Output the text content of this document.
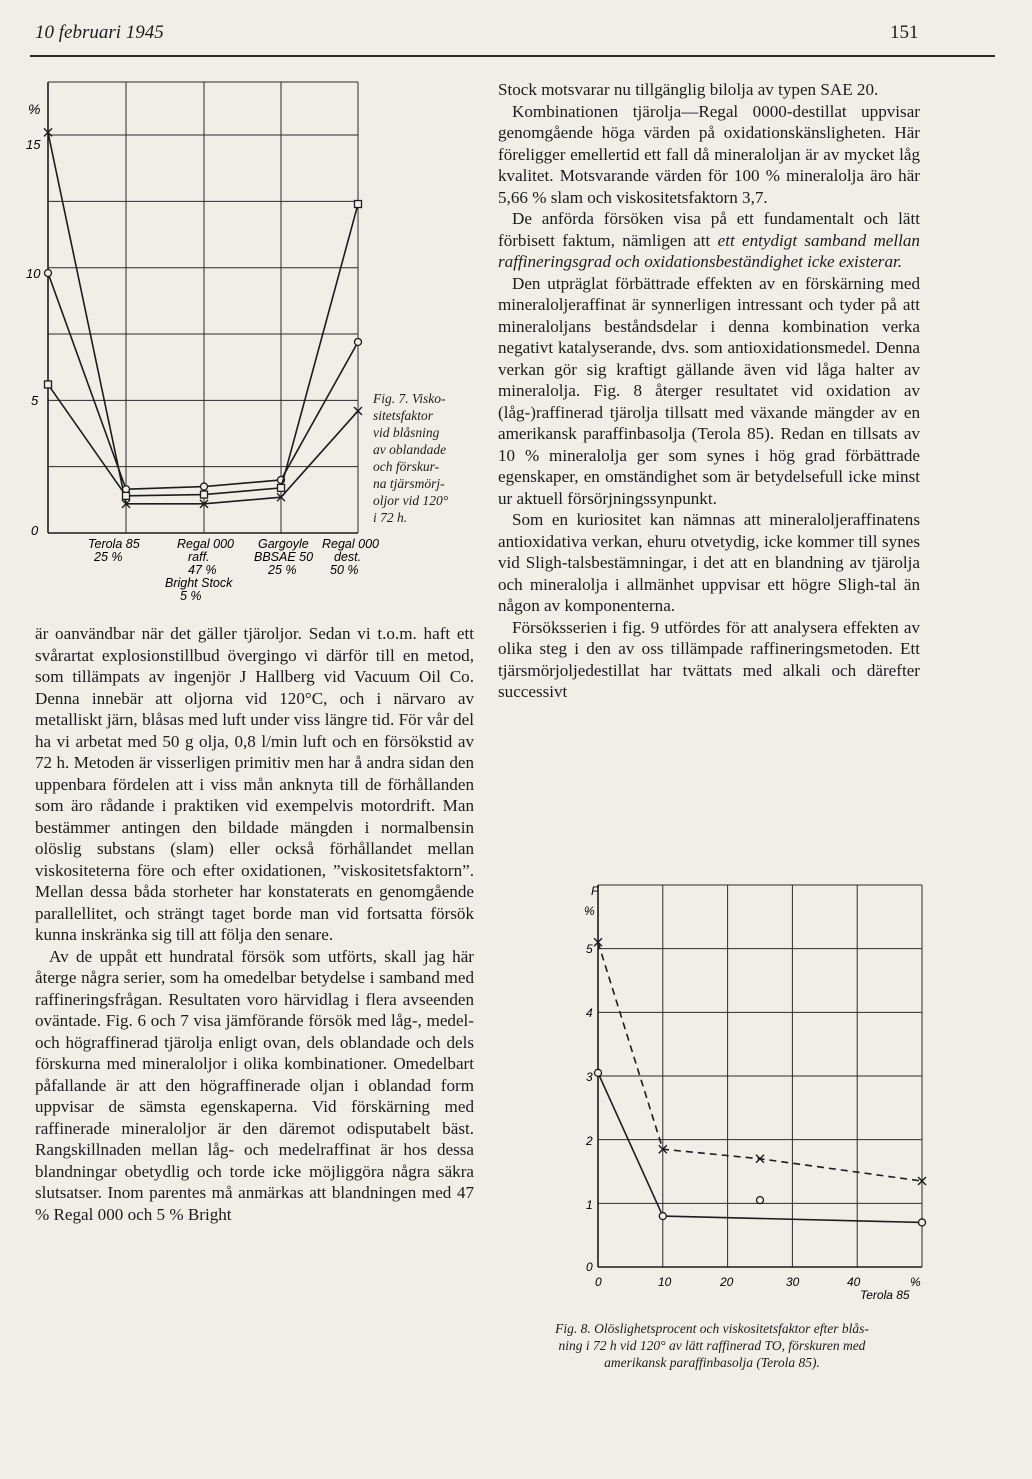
10 februari 1945	151
%
15
10
5
0
Terola 85
25 %
Regal 000
raff.
47 %
Bright Stock
5 %
Gargoyle
BBSAE 50
25 %
Regal 000
dest.
50 %
Fig. 7. Visko-
sitetsfaktor
vid blåsning
av oblandade
och förskur-
na tjärsmörj-
oljor vid 120°
i 72 h.

är oanvändbar när det gäller tjäroljor. Sedan vi t.o.m. haft ett svårartat explosionstillbud övergingo vi därför till en metod, som tillämpats av ingenjör J Hallberg vid Vacuum Oil Co. Denna innebär att oljorna vid 120°C, och i närvaro av metalliskt järn, blåsas med luft under viss längre tid. För vår del ha vi arbetat med 50 g olja, 0,8 l/min luft och en försökstid av 72 h. Metoden är visserligen primitiv men har å andra sidan den uppenbara fördelen att i viss mån anknyta till de förhållanden som äro rådande i praktiken vid exempelvis motordrift. Man bestämmer antingen den bildade mängden i normalbensin olöslig substans (slam) eller också förhållandet mellan viskositeterna före och efter oxidationen, ”viskositetsfaktorn”. Mellan dessa båda storheter har konstaterats en genomgående parallellitet, och strängt taget borde man vid fortsatta försök kunna inskränka sig till att följa den senare.

Av de uppåt ett hundratal försök som utförts, skall jag här återge några serier, som ha omedelbar betydelse i samband med raffineringsfrågan. Resultaten voro härvidlag i flera avseenden oväntade. Fig. 6 och 7 visa jämförande försök med låg-, medel- och högraffinerad tjärolja enligt ovan, dels oblandade och dels förskurna med mineraloljor i olika kombinationer. Omedelbart påfallande är att den högraffinerade oljan i oblandad form uppvisar de sämsta egenskaperna. Vid förskärning med raffinerade mineraloljor är den däremot odisputabelt bäst. Rangskillnaden mellan låg- och medelraffinat är hos dessa blandningar obetydlig och torde icke möjliggöra några säkra slutsatser. Inom parentes må anmärkas att blandningen med 47 % Regal 000 och 5 % Bright

Stock motsvarar nu tillgänglig bilolja av typen SAE 20.

Kombinationen tjärolja—Regal 0000-destillat uppvisar genomgående höga värden på oxidationskänsligheten. Här föreligger emellertid ett fall då mineraloljan är av mycket låg kvalitet. Motsvarande värden för 100 % mineralolja äro här 5,66 % slam och viskositetsfaktorn 3,7.

De anförda försöken visa på ett fundamentalt och lätt förbisett faktum, nämligen att ett entydigt samband mellan raffineringsgrad och oxidationsbeständighet icke existerar.

Den utpräglat förbättrade effekten av en förskärning med mineraloljeraffinat är synnerligen intressant och tyder på att mineraloljans beståndsdelar i denna kombination verka negativt katalyserande, dvs. som antioxidationsmedel. Denna verkan gör sig kraftigt gällande även vid låga halter av mineralolja. Fig. 8 återger resultatet vid oxidation av (låg-)raffinerad tjärolja tillsatt med växande mängder av en amerikansk paraffinbasolja (Terola 85). Redan en tillsats av 10 % mineralolja ger som synes i hög grad förbättrade egenskaper, en omständighet som är betydelsefull icke minst ur aktuell försörjningssynpunkt.

Som en kuriositet kan nämnas att mineraloljeraffinatens antioxidativa verkan, ehuru otvetydig, icke kommer till synes vid Sligh-talsbestämningar, i det att en blandning av tjärolja och mineralolja i allmänhet uppvisar ett högre Sligh-tal än någon av komponenterna.

Försöksserien i fig. 9 utfördes för att analysera effekten av olika steg i den av oss tillämpade raffineringsmetoden. Ett tjärsmörjoljedestillat har tvättats med alkali och därefter successivt

F
%
5
4
3
2
1
0
0	10	20	30	40	%
Terola 85
Fig. 8. Olöslighetsprocent och viskositetsfaktor efter blås-
ning i 72 h vid 120° av lätt raffinerad TO, förskuren med
amerikansk paraffinbasolja (Terola 85).
